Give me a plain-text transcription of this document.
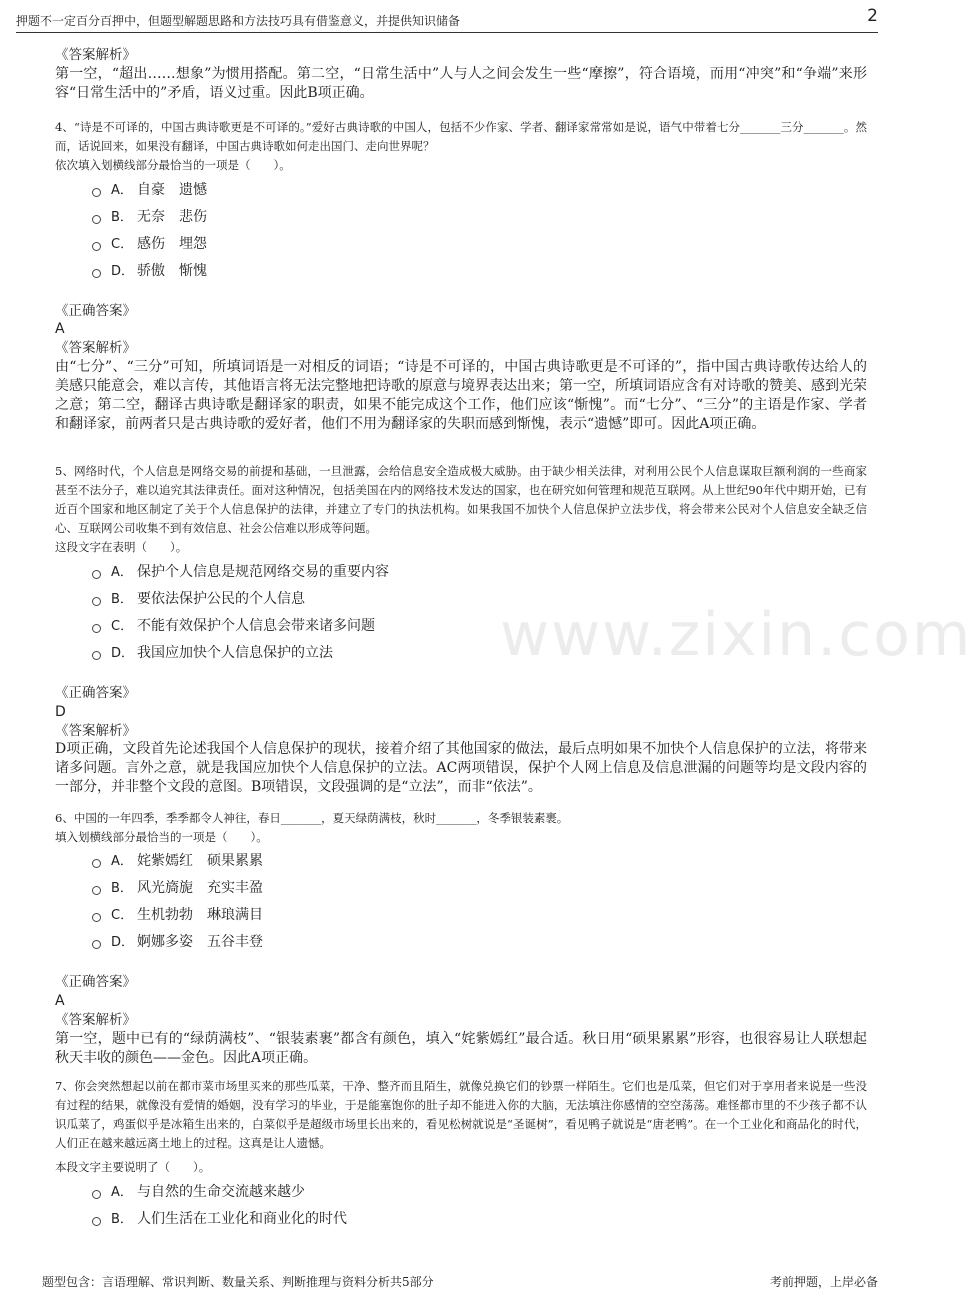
押题不一定百分百押中，但题型解题思路和方法技巧具有借鉴意义，并提供知识储备	2
www.zixin.com
《答案解析》
第一空，“超出……想象”为惯用搭配。第二空，“日常生活中”人与人之间会发生一些“摩擦”，符合语境，而用“冲突”和“争端”来形容“日常生活中的”矛盾，语义过重。因此B项正确。
4、“诗是不可译的，中国古典诗歌更是不可译的。”爱好古典诗歌的中国人，包括不少作家、学者、翻译家常常如是说，语气中带着七分_______三分_______。然而，话说回来，如果没有翻译，中国古典诗歌如何走出国门、走向世界呢？
依次填入划横线部分最恰当的一项是（　　）。
A． 自豪　遗憾
B． 无奈　悲伤
C． 感伤　埋怨
D． 骄傲　惭愧
《正确答案》
A
《答案解析》
由“七分”、“三分”可知，所填词语是一对相反的词语；“诗是不可译的，中国古典诗歌更是不可译的”，指中国古典诗歌传达给人的美感只能意会，难以言传，其他语言将无法完整地把诗歌的原意与境界表达出来；第一空，所填词语应含有对诗歌的赞美、感到光荣之意；第二空，翻译古典诗歌是翻译家的职责，如果不能完成这个工作，他们应该“惭愧”。而“七分”、“三分”的主语是作家、学者和翻译家，前两者只是古典诗歌的爱好者，他们不用为翻译家的失职而感到惭愧，表示“遗憾”即可。因此A项正确。
5、网络时代，个人信息是网络交易的前提和基础，一旦泄露，会给信息安全造成极大威胁。由于缺少相关法律，对利用公民个人信息谋取巨额利润的一些商家甚至不法分子，难以追究其法律责任。面对这种情况，包括美国在内的网络技术发达的国家，也在研究如何管理和规范互联网。从上世纪90年代中期开始，已有近百个国家和地区制定了关于个人信息保护的法律，并建立了专门的执法机构。如果我国不加快个人信息保护立法步伐，将会带来公民对个人信息安全缺乏信心、互联网公司收集不到有效信息、社会公信难以形成等问题。
这段文字在表明（　　）。
A． 保护个人信息是规范网络交易的重要内容
B． 要依法保护公民的个人信息
C． 不能有效保护个人信息会带来诸多问题
D． 我国应加快个人信息保护的立法
《正确答案》
D
《答案解析》
D项正确，文段首先论述我国个人信息保护的现状，接着介绍了其他国家的做法，最后点明如果不加快个人信息保护的立法，将带来诸多问题。言外之意，就是我国应加快个人信息保护的立法。AC两项错误，保护个人网上信息及信息泄漏的问题等均是文段内容的一部分，并非整个文段的意图。B项错误，文段强调的是“立法”，而非“依法”。
6、中国的一年四季，季季都令人神往，春日_______，夏天绿荫满枝，秋时_______，冬季银装素裹。
填入划横线部分最恰当的一项是（　　）。
A． 姹紫嫣红　硕果累累
B． 风光旖旎　充实丰盈
C． 生机勃勃　琳琅满目
D． 婀娜多姿　五谷丰登
《正确答案》
A
《答案解析》
第一空，题中已有的“绿荫满枝”、“银装素裹”都含有颜色，填入“姹紫嫣红”最合适。秋日用“硕果累累”形容，也很容易让人联想起秋天丰收的颜色——金色。因此A项正确。
7、你会突然想起以前在都市菜市场里买来的那些瓜菜，干净、整齐而且陌生，就像兑换它们的钞票一样陌生。它们也是瓜菜，但它们对于享用者来说是一些没有过程的结果，就像没有爱情的婚姻，没有学习的毕业，于是能塞饱你的肚子却不能进入你的大脑，无法填注你感情的空空荡荡。难怪都市里的不少孩子都不认识瓜菜了，鸡蛋似乎是冰箱生出来的，白菜似乎是超级市场里长出来的，看见松树就说是“圣诞树”，看见鸭子就说是“唐老鸭”。在一个工业化和商品化的时代，人们正在越来越远离土地上的过程。这真是让人遗憾。
本段文字主要说明了（　　）。
A． 与自然的生命交流越来越少
B． 人们生活在工业化和商业化的时代
题型包含：言语理解、常识判断、数量关系、判断推理与资料分析共5部分	考前押题，上岸必备
